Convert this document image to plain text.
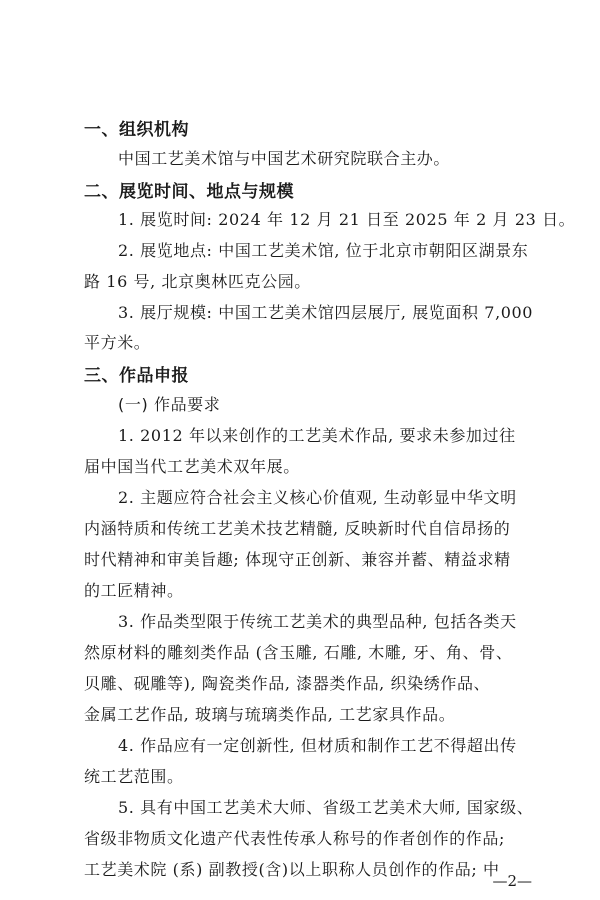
一、组织机构
中国工艺美术馆与中国艺术研究院联合主办。
二、展览时间、地点与规模
1. 展览时间: 2024 年 12 月 21 日至 2025 年 2 月 23 日。
2. 展览地点: 中国工艺美术馆, 位于北京市朝阳区湖景东
路 16 号, 北京奥林匹克公园。
3. 展厅规模: 中国工艺美术馆四层展厅, 展览面积 7,000
平方米。
三、作品申报
(一) 作品要求
1. 2012 年以来创作的工艺美术作品, 要求未参加过往
届中国当代工艺美术双年展。
2. 主题应符合社会主义核心价值观, 生动彰显中华文明
内涵特质和传统工艺美术技艺精髓, 反映新时代自信昂扬的
时代精神和审美旨趣; 体现守正创新、兼容并蓄、精益求精
的工匠精神。
3. 作品类型限于传统工艺美术的典型品种, 包括各类天
然原材料的雕刻类作品 (含玉雕, 石雕, 木雕, 牙、角、骨、
贝雕、砚雕等), 陶瓷类作品, 漆器类作品, 织染绣作品、
金属工艺作品, 玻璃与琉璃类作品, 工艺家具作品。
4. 作品应有一定创新性, 但材质和制作工艺不得超出传
统工艺范围。
5. 具有中国工艺美术大师、省级工艺美术大师, 国家级、
省级非物质文化遗产代表性传承人称号的作者创作的作品;
工艺美术院 (系) 副教授(含)以上职称人员创作的作品; 中
—2—
